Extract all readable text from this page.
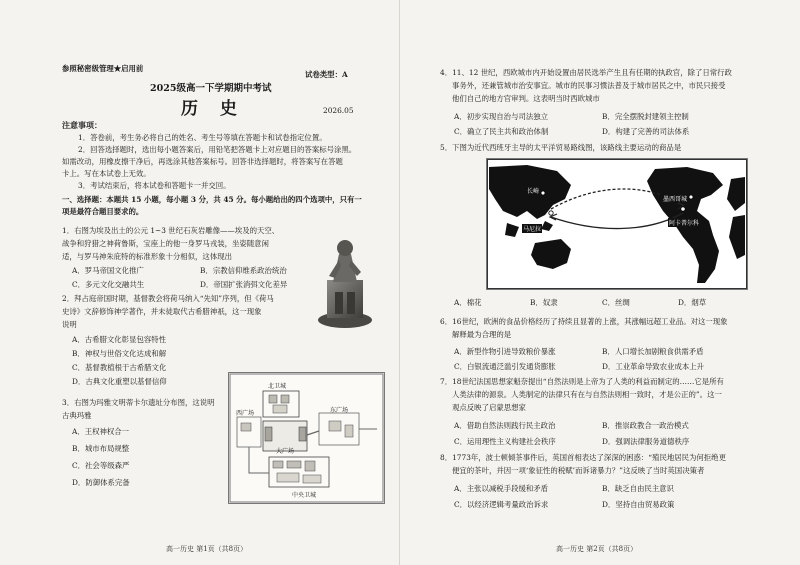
参照秘密级管理★启用前
试卷类型：A
2025级高一下学期期中考试
历 史	2026.05
注意事项：
1．答卷前，考生务必将自己的姓名、考生号等填在答题卡和试卷指定位置。
2．回答选择题时，选出每小题答案后，用铅笔把答题卡上对应题目的答案标号涂黑。
如需改动，用橡皮擦干净后，再选涂其他答案标号。回答非选择题时，将答案写在答题
卡上。写在本试卷上无效。
3．考试结束后，将本试卷和答题卡一并交回。
一、选择题：本题共 15 小题，每小题 3 分，共 45 分。每小题给出的四个选项中，只有一
项是最符合题目要求的。
1．右图为埃及出土的公元 1~3 世纪石灰岩雕像——埃及的天空、
战争和狩猎之神荷鲁斯，宝座上的他一身罗马戎装，坐姿随意闲
适，与罗马神朱庇特的标准形象十分相似，这体现出
A．罗马帝国文化推广	B．宗教信仰维系政治统治
C．多元文化交融共生	D．帝国扩张消弭文化差异
2．拜占庭帝国时期，基督教会将荷马纳入“先知”序列，但《荷马
史诗》文辞修饰神学著作，并未徒取代古希腊神祇，这一现象
说明
A．古希腊文化彰显包容特性
B．神权与世俗文化达成和解
C．基督教植根于古希腊文化
D．古典文化重塑以基督信仰
3．右图为玛雅文明蒂卡尔遗址分布图，这说明
古典玛雅
A．王权神权合一
B．城市布局规整
C．社会等级森严
D．防御体系完备
北卫城
西广场	东广场
大广场
中央卫城
高一历史 第1页（共8页）
4．11、12 世纪，西欧城市内开始设置由居民选举产生且有任期的执政官，除了日常行政
事务外，还兼管城市治安事宜。城市的民事习惯法普及于城市居民之中，市民只接受
他们自己的地方官审判。这表明当时西欧城市
A．初步实现自治与司法独立	B．完全摆脱封建领主控制
C．确立了民主共和政治体制	D．构建了完善的司法体系
5．下图为近代西班牙主导的太平洋贸易路线图，该路线主要运动的商品是
长崎
墨西哥城
马尼拉
阿卡普尔科
A．棉花	B．奴隶	C．丝绸	D．烟草
6．16世纪，欧洲的食品价格经历了持续且显著的上涨，其涨幅远超工业品。对这一现象
解释最为合理的是
A．新型作物引进导致粮价暴涨	B．人口增长加剧粮食供需矛盾
C．白银流通泛滥引发通货膨胀	D．工业革命导致农业成本上升
7．18世纪法国思想家魁奈提出“自然法则是上帝为了人类的利益而制定的……它是所有
人类法律的源泉。人类制定的法律只有在与自然法则相一致时，才是公正的”。这一
观点反映了启蒙思想家
A．借助自然法则践行民主政治	B．推崇政教合一政治模式
C．运用理性主义构建社会秩序	D．强调法律服务道德秩序
8．1773年，波士顿倾茶事件后，英国首相表达了深深的困惑：“殖民地居民为何拒绝更
便宜的茶叶，并因一项‘象征性的税赋’而诉诸暴力？”这反映了当时英国决策者
A．主张以减税手段缓和矛盾	B．缺乏自由民主意识
C．以经济逻辑考量政治诉求	D．坚持自由贸易政策
高一历史 第2页（共8页）
